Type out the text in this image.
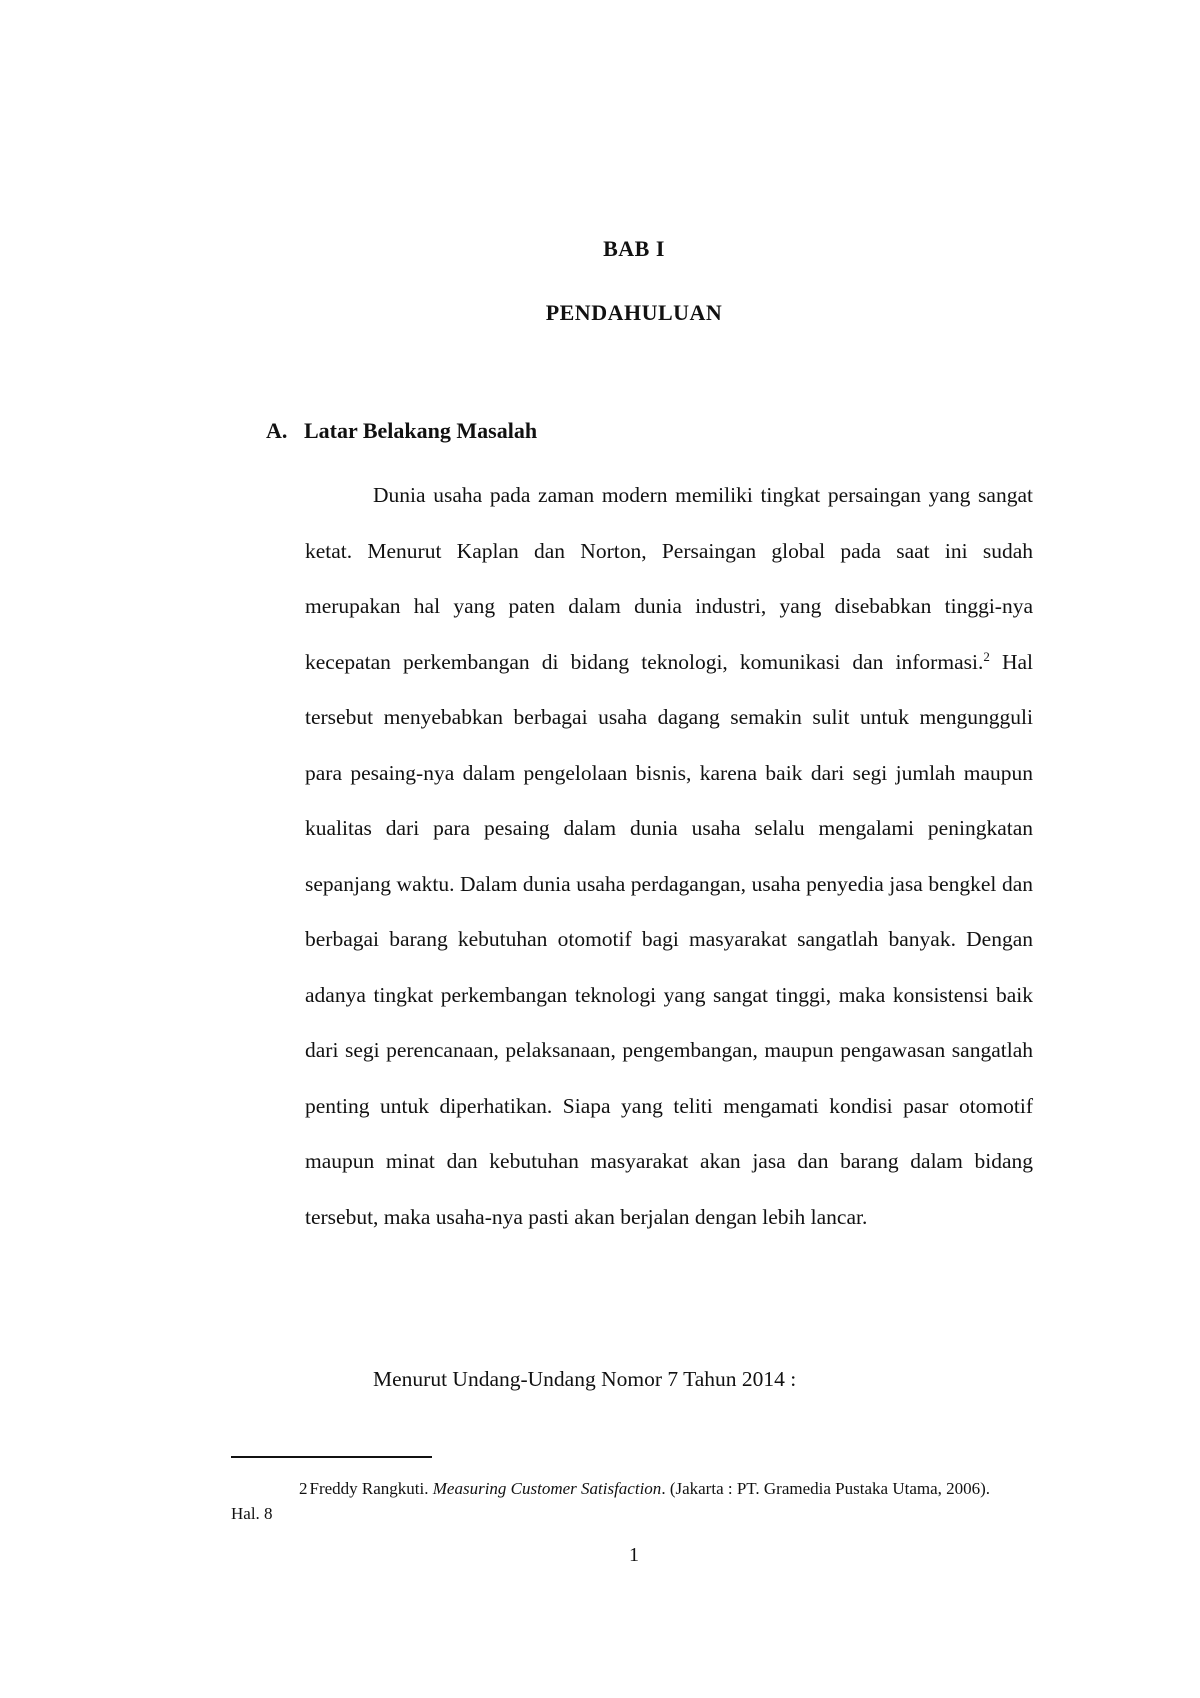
BAB I
PENDAHULUAN
A. Latar Belakang Masalah

Dunia usaha pada zaman modern memiliki tingkat persaingan yang sangat ketat. Menurut Kaplan dan Norton, Persaingan global pada saat ini sudah merupakan hal yang paten dalam dunia industri, yang disebabkan tinggi-nya kecepatan perkembangan di bidang teknologi, komunikasi dan informasi.$^2$ Hal tersebut menyebabkan berbagai usaha dagang semakin sulit untuk mengungguli para pesaing-nya dalam pengelolaan bisnis, karena baik dari segi jumlah maupun kualitas dari para pesaing dalam dunia usaha selalu mengalami peningkatan sepanjang waktu. Dalam dunia usaha perdagangan, usaha penyedia jasa bengkel dan berbagai barang kebutuhan otomotif bagi masyarakat sangatlah banyak. Dengan adanya tingkat perkembangan teknologi yang sangat tinggi, maka konsistensi baik dari segi perencanaan, pelaksanaan, pengembangan, maupun pengawasan sangatlah penting untuk diperhatikan. Siapa yang teliti mengamati kondisi pasar otomotif maupun minat dan kebutuhan masyarakat akan jasa dan barang dalam bidang tersebut, maka usaha-nya pasti akan berjalan dengan lebih lancar.

Menurut Undang-Undang Nomor 7 Tahun 2014 :
2 Freddy Rangkuti. Measuring Customer Satisfaction. (Jakarta : PT. Gramedia Pustaka Utama, 2006). Hal. 8
1
